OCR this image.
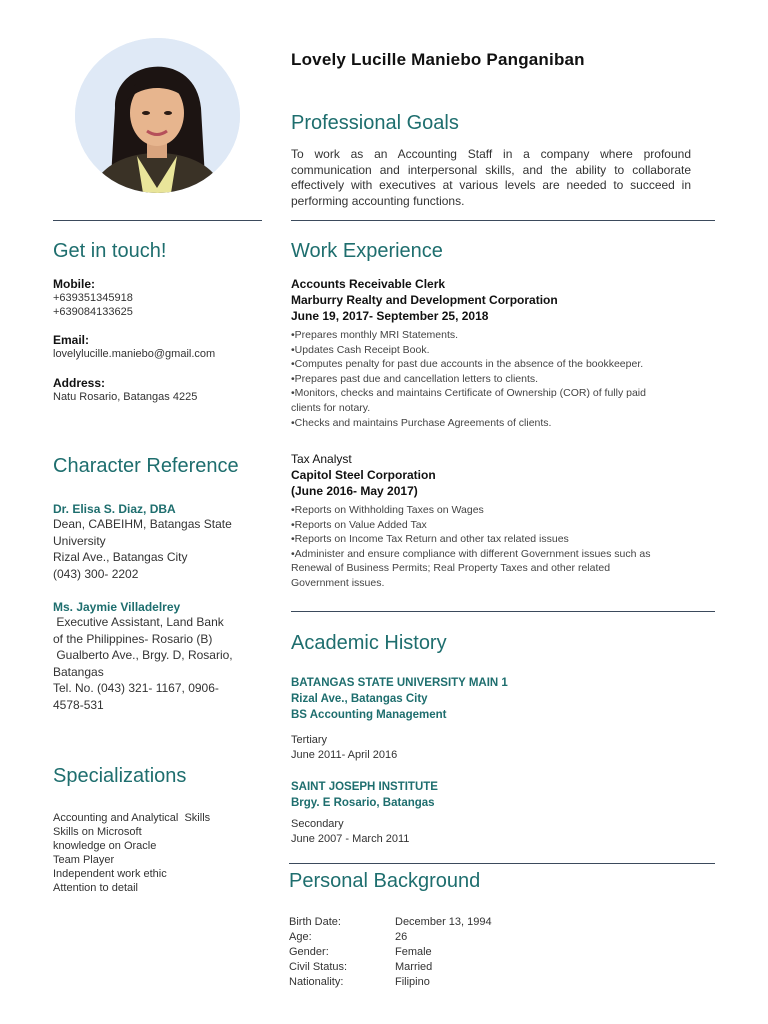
Lovely Lucille Maniebo Panganiban
Professional Goals
To work as an Accounting Staff in a company where profound communication and interpersonal skills, and the ability to collaborate effectively with executives at various levels are needed to succeed in performing accounting functions.
Get in touch!
Mobile:
+639351345918
+639084133625
Email:
lovelylucille.maniebo@gmail.com
Address:
Natu Rosario, Batangas 4225
Character Reference
Dr. Elisa S. Diaz, DBA
Dean, CABEIHM, Batangas State
University
Rizal Ave., Batangas City
(043) 300- 2202
Ms. Jaymie Villadelrey
Executive Assistant, Land Bank
of the Philippines- Rosario (B)
Gualberto Ave., Brgy. D, Rosario,
Batangas
Tel. No. (043) 321- 1167, 0906-
4578-531
Specializations
Accounting and Analytical  Skills
Skills on Microsoft
knowledge on Oracle
Team Player
Independent work ethic
Attention to detail
Work Experience
Accounts Receivable Clerk
Marburry Realty and Development Corporation
June 19, 2017- September 25, 2018
•Prepares monthly MRI Statements.
•Updates Cash Receipt Book.
•Computes penalty for past due accounts in the absence of the bookkeeper.
•Prepares past due and cancellation letters to clients.
•Monitors, checks and maintains Certificate of Ownership (COR) of fully paid
clients for notary.
•Checks and maintains Purchase Agreements of clients.
Tax Analyst
Capitol Steel Corporation
(June 2016- May 2017)
•Reports on Withholding Taxes on Wages
•Reports on Value Added Tax
•Reports on Income Tax Return and other tax related issues
•Administer and ensure compliance with different Government issues such as
Renewal of Business Permits; Real Property Taxes and other related
Government issues.
Academic History
BATANGAS STATE UNIVERSITY MAIN 1
Rizal Ave., Batangas City
BS Accounting Management
Tertiary
June 2011- April 2016
SAINT JOSEPH INSTITUTE
Brgy. E Rosario, Batangas
Secondary
June 2007 - March 2011
Personal Background
Birth Date:	December 13, 1994
Age:	26
Gender:	Female
Civil Status:	Married
Nationality:	Filipino
